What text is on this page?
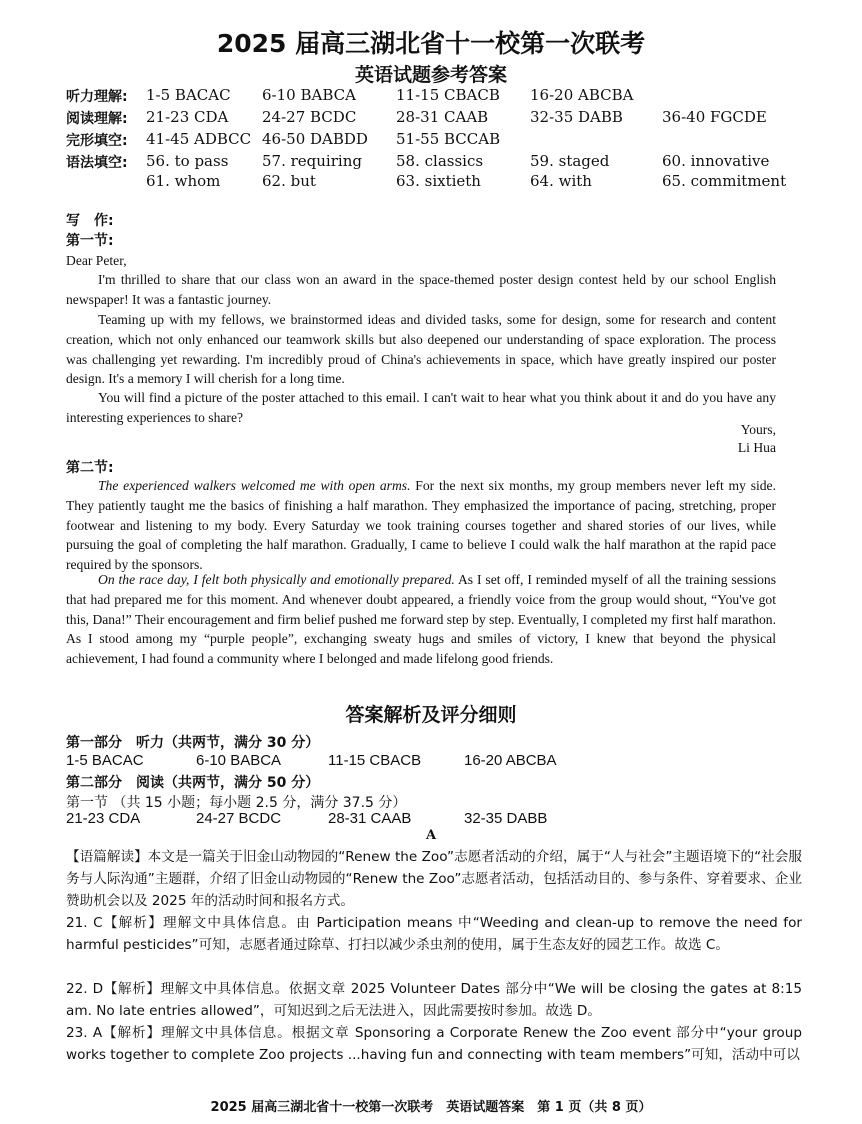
2025 届高三湖北省十一校第一次联考
英语试题参考答案
听力理解: 1-5 BACAC 6-10 BABCA	11-15 CBACB 16-20 ABCBA
阅读理解: 21-23 CDA 24-27 BCDC	28-31 CAAB	32-35 DABB	36-40 FGCDE
完形填空: 41-45 ADBCC 46-50 DABDD 51-55 BCCAB
语法填空: 56. to pass 57. requiring 58. classics	59. staged	60. innovative
61. whom	62. but	63. sixtieth	64. with	65. commitment
写　作:
第一节:
Dear Peter,
I'm thrilled to share that our class won an award in the space-themed poster design contest held by our school English newspaper! It was a fantastic journey.
Teaming up with my fellows, we brainstormed ideas and divided tasks, some for design, some for research and content creation, which not only enhanced our teamwork skills but also deepened our understanding of space exploration. The process was challenging yet rewarding. I'm incredibly proud of China's achievements in space, which have greatly inspired our poster design. It's a memory I will cherish for a long time.
You will find a picture of the poster attached to this email. I can't wait to hear what you think about it and do you have any interesting experiences to share?
Yours,
Li Hua
第二节:
The experienced walkers welcomed me with open arms. For the next six months, my group members never left my side. They patiently taught me the basics of finishing a half marathon. They emphasized the importance of pacing, stretching, proper footwear and listening to my body. Every Saturday we took training courses together and shared stories of our lives, while pursuing the goal of completing the half marathon. Gradually, I came to believe I could walk the half marathon at the rapid pace required by the sponsors.
On the race day, I felt both physically and emotionally prepared. As I set off, I reminded myself of all the training sessions that had prepared me for this moment. And whenever doubt appeared, a friendly voice from the group would shout, “You've got this, Dana!” Their encouragement and firm belief pushed me forward step by step. Eventually, I completed my first half marathon. As I stood among my “purple people”, exchanging sweaty hugs and smiles of victory, I knew that beyond the physical achievement, I had found a community where I belonged and made lifelong good friends.
答案解析及评分细则
第一部分　 听力（共两节，满分 30 分）
1-5 BACAC	6-10 BABCA	11-15 CBACB	16-20 ABCBA
第二部分　 阅读（共两节，满分 50 分）
第一节 （共 15 小题；每小题 2.5 分，满分 37.5 分）
21-23 CDA	24-27 BCDC	28-31 CAAB	32-35 DABB
A
【语篇解读】本文是一篇关于旧金山动物园的“Renew the Zoo”志愿者活动的介绍，属于“人与社会”主题语境下的“社会服务与人际沟通”主题群，介绍了旧金山动物园的“Renew the Zoo”志愿者活动，包括活动目的、参与条件、穿着要求、企业赞助机会以及 2025 年的活动时间和报名方式。
21. C【解析】理解文中具体信息。由 Participation means 中“Weeding and clean-up to remove the need for harmful pesticides”可知，志愿者通过除草、打扫以减少杀虫剂的使用，属于生态友好的园艺工作。故选 C。
22. D【解析】理解文中具体信息。依据文章 2025 Volunteer Dates 部分中“We will be closing the gates at 8:15 am. No late entries allowed”，可知迟到之后无法进入，因此需要按时参加。故选 D。
23. A【解析】理解文中具体信息。根据文章 Sponsoring a Corporate Renew the Zoo event 部分中“your group works together to complete Zoo projects ...having fun and connecting with team members”可知，活动中可以
2025 届高三湖北省十一校第一次联考　英语试题答案　第 1 页（共 8 页）
